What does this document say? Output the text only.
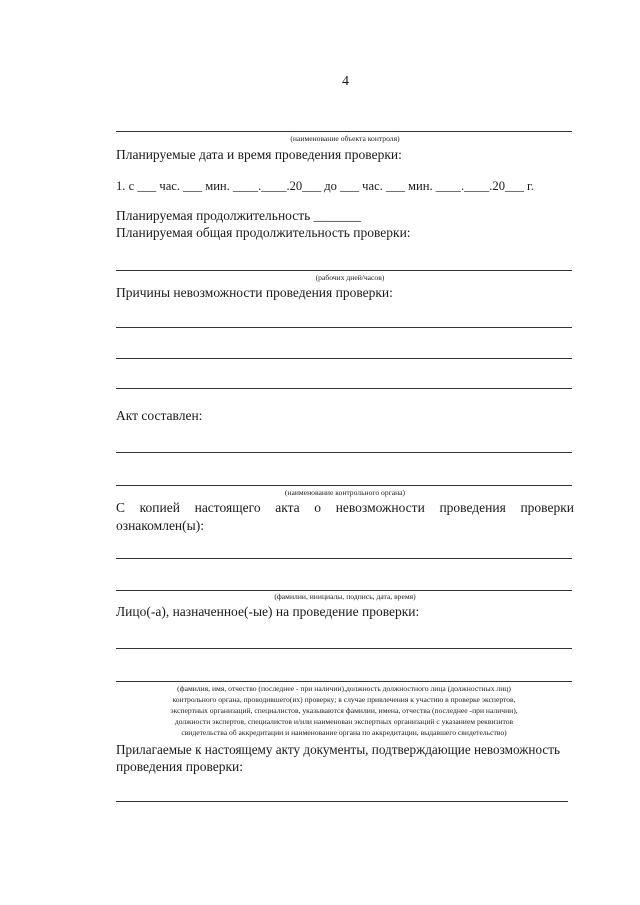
4
(наименование объекта контроля)
Планируемые дата и время проведения проверки:
1. с ___ час. ___ мин. ____.____.20___ до ___ час. ___ мин. ____.____.20___ г.
Планируемая продолжительность _______
Планируемая общая продолжительность проверки:
(рабочих дней/часов)
Причины невозможности проведения проверки:
Акт составлен:
(наименование контрольного органа)
С копией настоящего акта о невозможности проведения проверки
ознакомлен(ы):
(фамилии, инициалы, подпись, дата, время)
Лицо(-а), назначенное(-ые) на проведение проверки:
(фамилия, имя, отчество (последнее - при наличии),должность должностного лица (должностных лиц)
контрольного органа, проводившего(их) проверку; в случае привлечения к участию в проверке экспертов,
экспертных организаций, специалистов, указываются фамилии, имена, отчества (последнее -при наличии),
должности экспертов, специалистов и/или наименован экспертных организаций с указанием реквизитов
свидетельства об аккредитации и наименование органа по аккредитации, выдавшего свидетельство)
Прилагаемые к настоящему акту документы, подтверждающие невозможность
проведения проверки:
